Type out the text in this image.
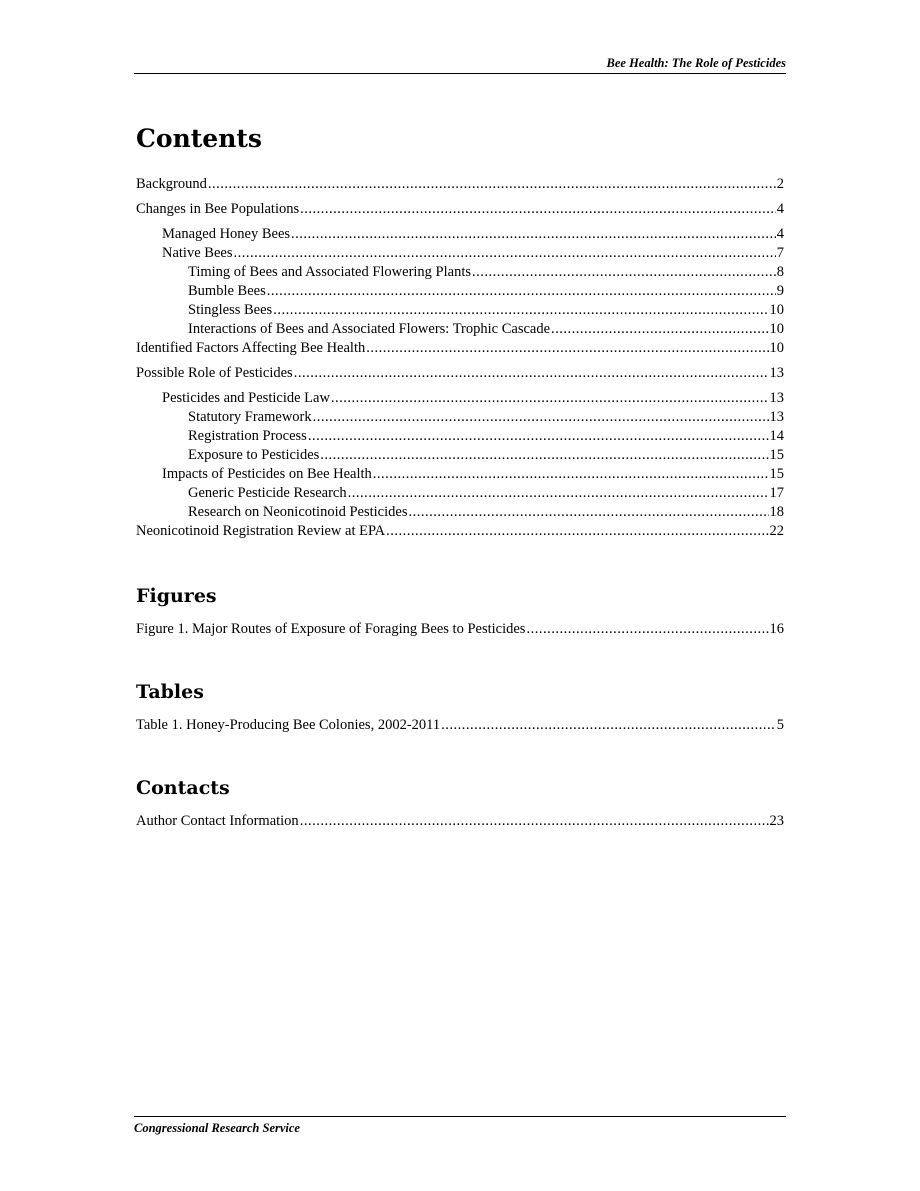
Bee Health: The Role of Pesticides
Contents
Background .....	2
Changes in Bee Populations .....	4
Managed Honey Bees .....	4
Native Bees .....	7
Timing of Bees and Associated Flowering Plants .....	8
Bumble Bees .....	9
Stingless Bees .....	10
Interactions of Bees and Associated Flowers: Trophic Cascade .....	10
Identified Factors Affecting Bee Health .....	10
Possible Role of Pesticides .....	13
Pesticides and Pesticide Law .....	13
Statutory Framework .....	13
Registration Process .....	14
Exposure to Pesticides .....	15
Impacts of Pesticides on Bee Health .....	15
Generic Pesticide Research .....	17
Research on Neonicotinoid Pesticides .....	18
Neonicotinoid Registration Review at EPA .....	22
Figures
Figure 1. Major Routes of Exposure of Foraging Bees to Pesticides .....	16
Tables
Table 1. Honey-Producing Bee Colonies, 2002-2011 .....	5
Contacts
Author Contact Information .....	23
Congressional Research Service
